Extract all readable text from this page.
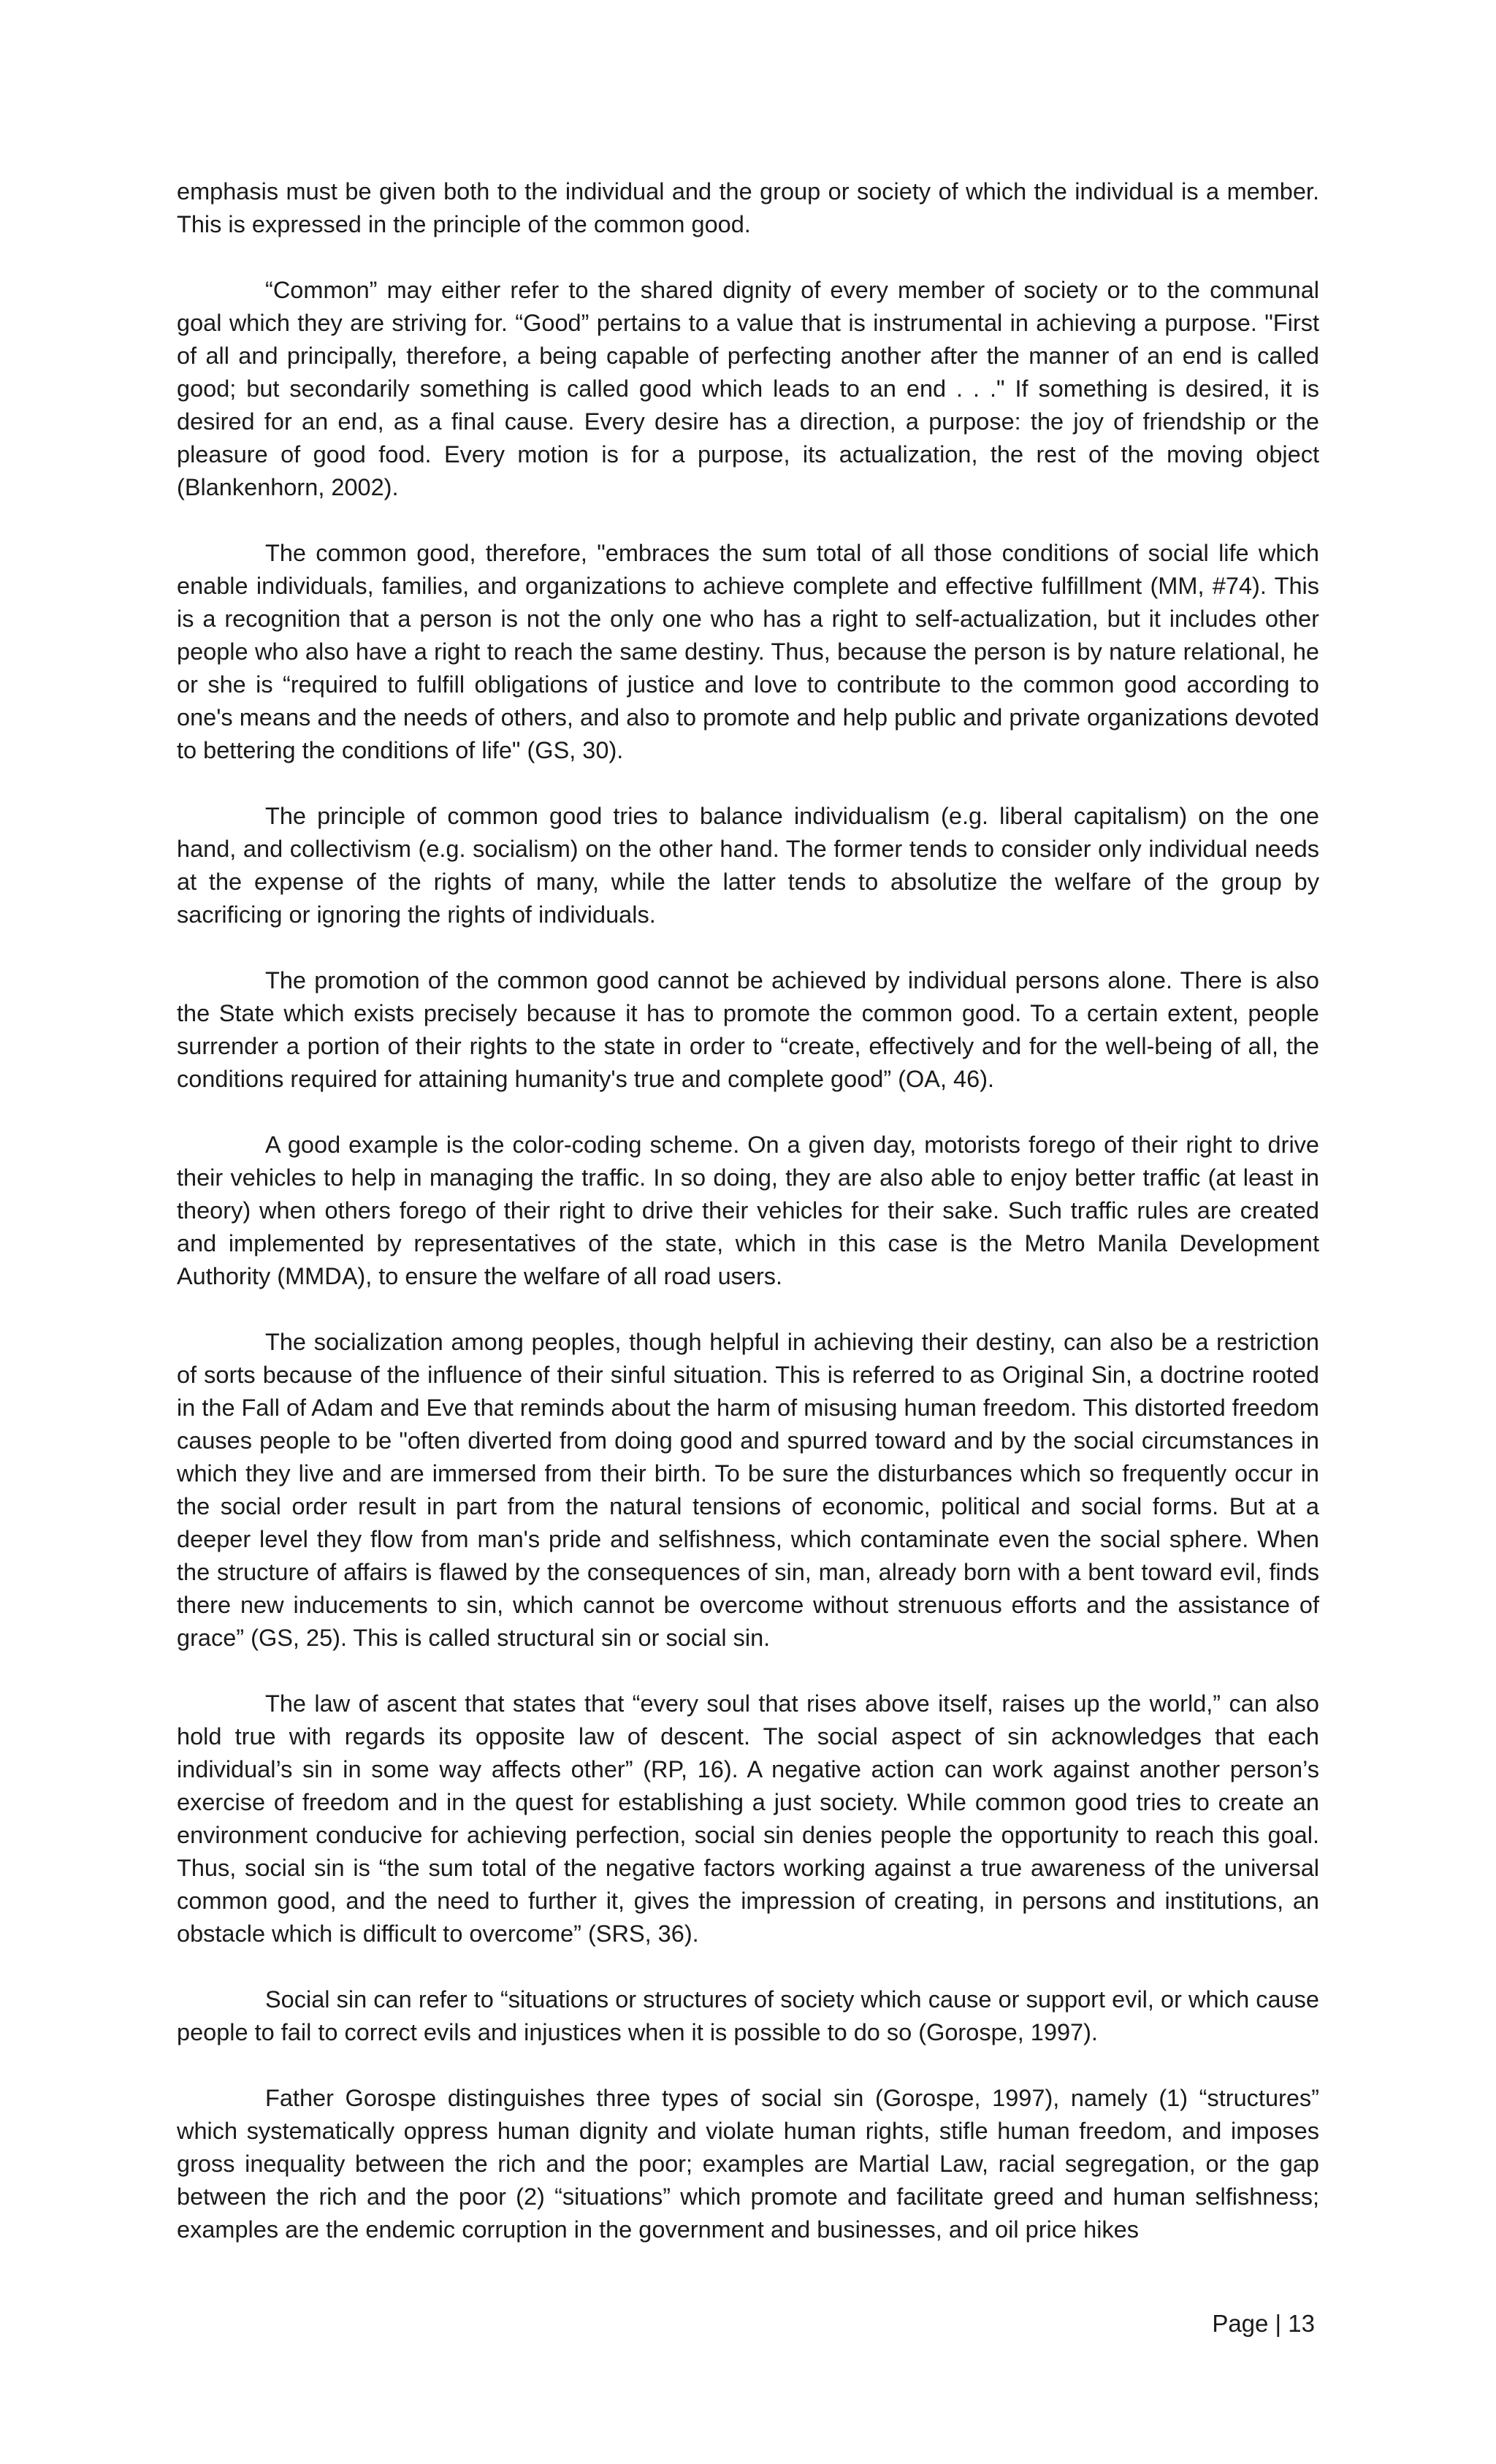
emphasis must be given both to the individual and the group or society of which the individual is a member. This is expressed in the principle of the common good.

“Common” may either refer to the shared dignity of every member of society or to the communal goal which they are striving for. “Good” pertains to a value that is instrumental in achieving a purpose. "First of all and principally, therefore, a being capable of perfecting another after the manner of an end is called good; but secondarily something is called good which leads to an end . . ." If something is desired, it is desired for an end, as a final cause. Every desire has a direction, a purpose: the joy of friendship or the pleasure of good food. Every motion is for a purpose, its actualization, the rest of the moving object (Blankenhorn, 2002).

The common good, therefore, "embraces the sum total of all those conditions of social life which enable individuals, families, and organizations to achieve complete and effective fulfillment (MM, #74). This is a recognition that a person is not the only one who has a right to self-actualization, but it includes other people who also have a right to reach the same destiny. Thus, because the person is by nature relational, he or she is “required to fulfill obligations of justice and love to contribute to the common good according to one's means and the needs of others, and also to promote and help public and private organizations devoted to bettering the conditions of life" (GS, 30).

The principle of common good tries to balance individualism (e.g. liberal capitalism) on the one hand, and collectivism (e.g. socialism) on the other hand. The former tends to consider only individual needs at the expense of the rights of many, while the latter tends to absolutize the welfare of the group by sacrificing or ignoring the rights of individuals.

The promotion of the common good cannot be achieved by individual persons alone. There is also the State which exists precisely because it has to promote the common good. To a certain extent, people surrender a portion of their rights to the state in order to “create, effectively and for the well-being of all, the conditions required for attaining humanity's true and complete good” (OA, 46).

A good example is the color-coding scheme. On a given day, motorists forego of their right to drive their vehicles to help in managing the traffic. In so doing, they are also able to enjoy better traffic (at least in theory) when others forego of their right to drive their vehicles for their sake. Such traffic rules are created and implemented by representatives of the state, which in this case is the Metro Manila Development Authority (MMDA), to ensure the welfare of all road users.

The socialization among peoples, though helpful in achieving their destiny, can also be a restriction of sorts because of the influence of their sinful situation. This is referred to as Original Sin, a doctrine rooted in the Fall of Adam and Eve that reminds about the harm of misusing human freedom. This distorted freedom causes people to be "often diverted from doing good and spurred toward and by the social circumstances in which they live and are immersed from their birth. To be sure the disturbances which so frequently occur in the social order result in part from the natural tensions of economic, political and social forms. But at a deeper level they flow from man's pride and selfishness, which contaminate even the social sphere. When the structure of affairs is flawed by the consequences of sin, man, already born with a bent toward evil, finds there new inducements to sin, which cannot be overcome without strenuous efforts and the assistance of grace” (GS, 25). This is called structural sin or social sin.

The law of ascent that states that “every soul that rises above itself, raises up the world,” can also hold true with regards its opposite law of descent. The social aspect of sin acknowledges that each individual’s sin in some way affects other” (RP, 16). A negative action can work against another person’s exercise of freedom and in the quest for establishing a just society. While common good tries to create an environment conducive for achieving perfection, social sin denies people the opportunity to reach this goal. Thus, social sin is “the sum total of the negative factors working against a true awareness of the universal common good, and the need to further it, gives the impression of creating, in persons and institutions, an obstacle which is difficult to overcome” (SRS, 36).

Social sin can refer to “situations or structures of society which cause or support evil, or which cause people to fail to correct evils and injustices when it is possible to do so (Gorospe, 1997).

Father Gorospe distinguishes three types of social sin (Gorospe, 1997), namely (1) “structures” which systematically oppress human dignity and violate human rights, stifle human freedom, and imposes gross inequality between the rich and the poor; examples are Martial Law, racial segregation, or the gap between the rich and the poor (2) “situations” which promote and facilitate greed and human selfishness; examples are the endemic corruption in the government and businesses, and oil price hikes

Page | 13
